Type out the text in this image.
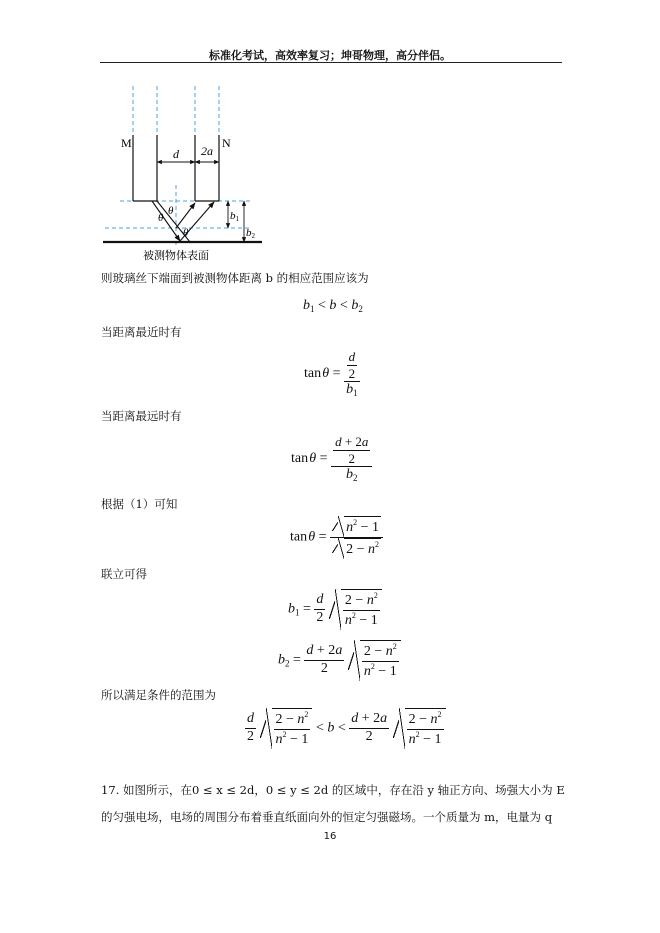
标准化考试，高效率复习；坤哥物理，高分伴侣。
M	N
d 2a
b1
b2
θ
θ
θ
被测物体表面
则玻璃丝下端面到被测物体距离 b 的相应范围应该为
$b_1 < b < b_2$
当距离最近时有
tan $\theta = \frac{\frac{d}{2}}{b_1}$
当距离最远时有
tan $\theta = \frac{\frac{d + 2a}{2}}{b_2}$
根据（1）可知
tan $\theta = \frac{n^2 - 1}{2 - n^2}$
联立可得
$b_1 = \frac{d}{2}$
$\frac{2 - n^2}{n^2 - 1}$
$b_2 = \frac{d + 2a}{2}$
$\frac{2 - n^2}{n^2 - 1}$
所以满足条件的范围为
$\frac{d}{2}$
$\frac{2 - n^2}{n^2 - 1} < b < \frac{d + 2a}{2}$
$\frac{2 - n^2}{n^2 - 1}$
17. 如图所示，在0 ≤ x ≤ 2d，0 ≤ y ≤ 2d 的区域中，存在沿 y 轴正方向、场强大小为 E
的匀强电场，电场的周围分布着垂直纸面向外的恒定匀强磁场。一个质量为 m，电量为 q
16
